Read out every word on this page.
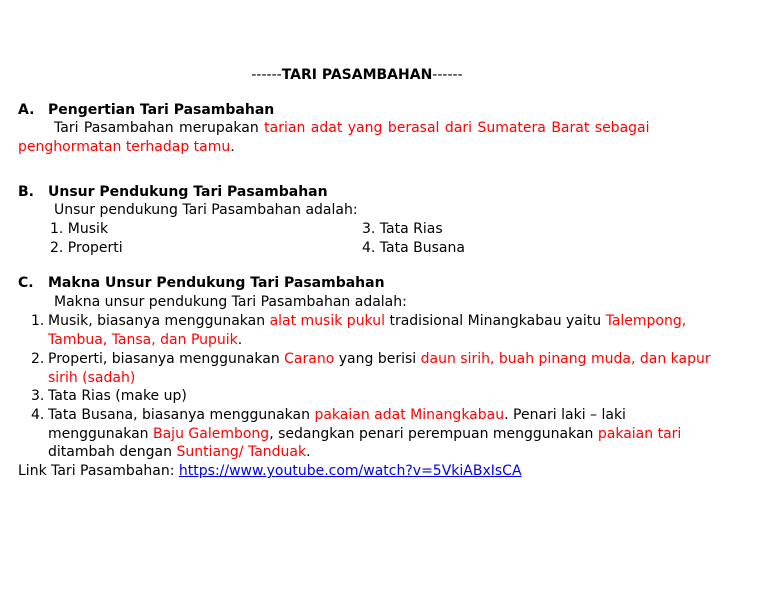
------TARI PASAMBAHAN------
A. Pengertian Tari Pasambahan
Tari Pasambahan merupakan tarian adat yang berasal dari Sumatera Barat sebagai
penghormatan terhadap tamu.
B. Unsur Pendukung Tari Pasambahan
Unsur pendukung Tari Pasambahan adalah:
1. Musik
2. Properti
3. Tata Rias
4. Tata Busana
C. Makna Unsur Pendukung Tari Pasambahan
Makna unsur pendukung Tari Pasambahan adalah:
1. Musik, biasanya menggunakan alat musik pukul tradisional Minangkabau yaitu Talempong,
Tambua, Tansa, dan Pupuik.
2. Properti, biasanya menggunakan Carano yang berisi daun sirih, buah pinang muda, dan kapur
sirih (sadah)
3. Tata Rias (make up)
4. Tata Busana, biasanya menggunakan pakaian adat Minangkabau. Penari laki – laki
menggunakan Baju Galembong, sedangkan penari perempuan menggunakan pakaian tari
ditambah dengan Suntiang/ Tanduak.
Link Tari Pasambahan: https://www.youtube.com/watch?v=5VkiABxIsCA
